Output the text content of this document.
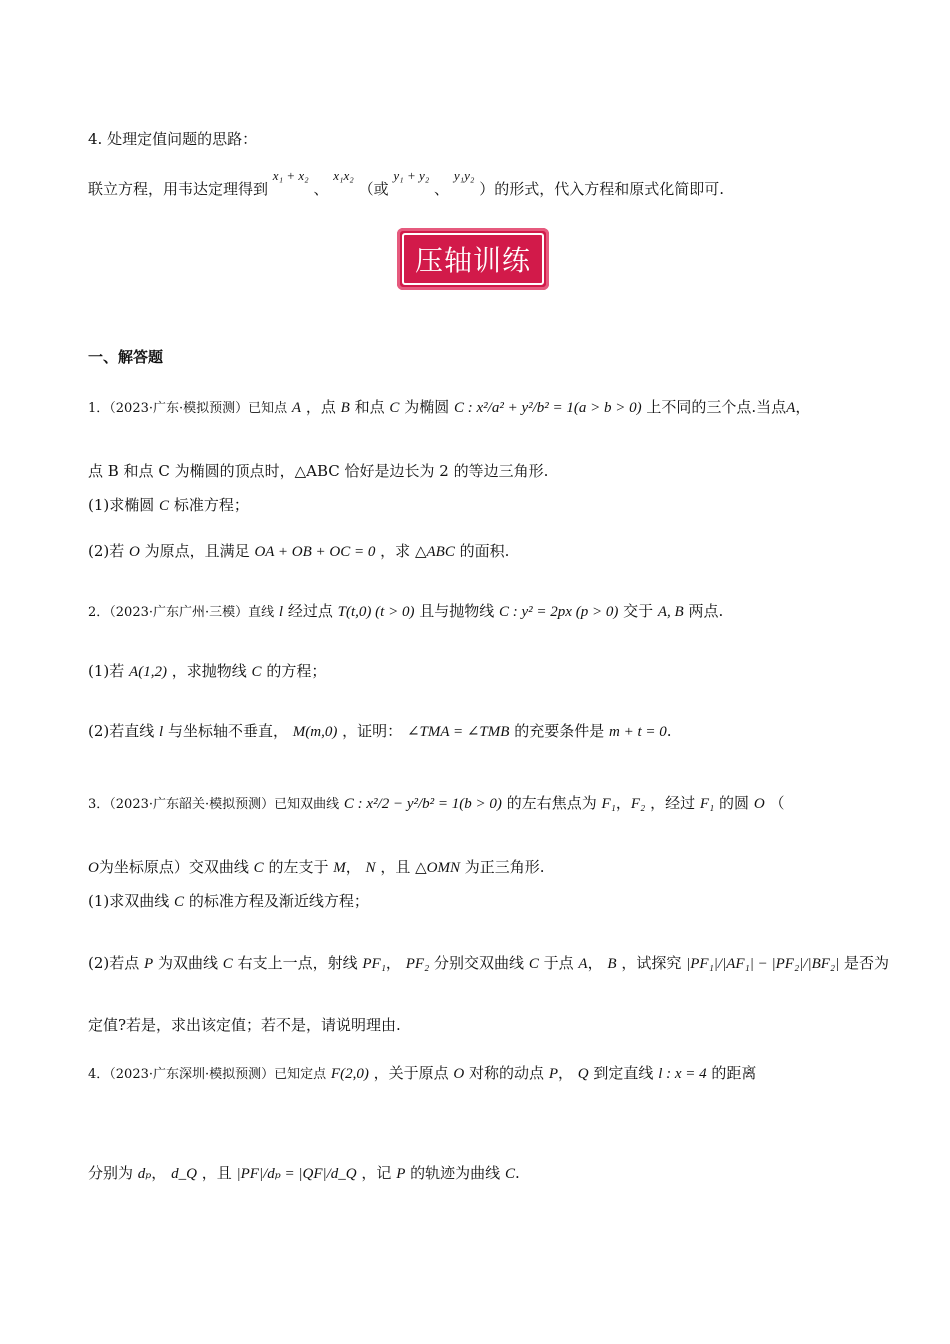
4. 处理定值问题的思路：
联立方程，用韦达定理得到 x₁ + x₂ 、 x₁x₂ （或 y₁ + y₂ 、 y₁y₂ ）的形式，代入方程和原式化简即可.
压轴训练
一、解答题
1．（2023·广东·模拟预测）已知点 A ，点 B 和点 C 为椭圆 C : x²/a² + y²/b² = 1(a > b > 0) 上不同的三个点.当点A，
点 B 和点 C 为椭圆的顶点时，△ABC 恰好是边长为 2 的等边三角形.
(1)求椭圆 C 标准方程；
(2)若 O 为原点，且满足 OA + OB + OC = 0 ，求 △ABC 的面积.
2．（2023·广东广州·三模）直线 l 经过点 T(t,0) (t > 0) 且与抛物线 C : y² = 2px (p > 0) 交于 A, B 两点.
(1)若 A(1,2) ，求抛物线 C 的方程；
(2)若直线 l 与坐标轴不垂直， M(m,0) ，证明： ∠TMA = ∠TMB 的充要条件是 m + t = 0.
3．（2023·广东韶关·模拟预测）已知双曲线 C : x²/2 − y²/b² = 1(b > 0) 的左右焦点为 F₁，F₂ ，经过 F₁ 的圆 O （
O为坐标原点）交双曲线 C 的左支于 M， N ，且 △OMN 为正三角形.
(1)求双曲线 C 的标准方程及渐近线方程；
(2)若点 P 为双曲线 C 右支上一点，射线 PF₁， PF₂ 分别交双曲线 C 于点 A， B ，试探究 |PF₁|/|AF₁| − |PF₂|/|BF₂| 是否为
定值?若是，求出该定值；若不是，请说明理由.
4．（2023·广东深圳·模拟预测）已知定点 F(2,0) ，关于原点 O 对称的动点 P， Q 到定直线 l : x = 4 的距离
分别为 dₚ， d_Q ，且 |PF|/dₚ = |QF|/d_Q ，记 P 的轨迹为曲线 C.
